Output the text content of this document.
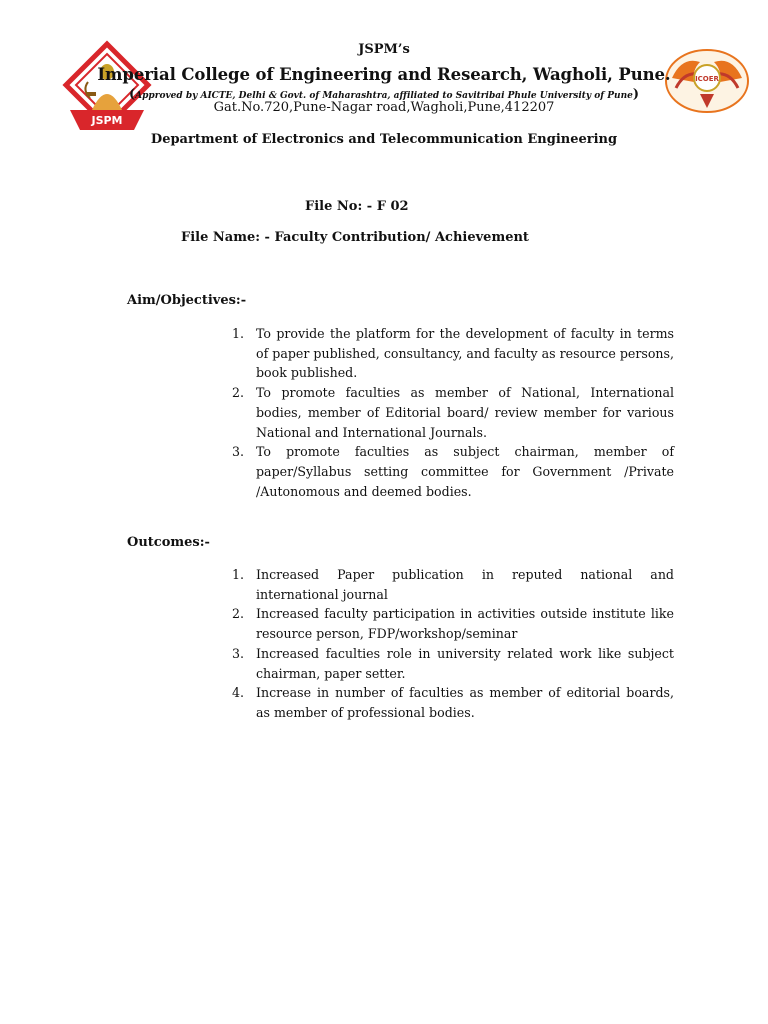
JSPM
ICOER
JSPM’s
Imperial College of Engineering and Research, Wagholi, Pune.
(Approved by AICTE, Delhi & Govt. of Maharashtra, affiliated to Savitribai Phule University of Pune)
Gat.No.720,Pune-Nagar road,Wagholi,Pune,412207
Department of Electronics and Telecommunication Engineering
File No: - F 02
File Name: - Faculty Contribution/ Achievement
Aim/Objectives:-
1. To provide the platform for the development of faculty in terms of paper published, consultancy, and faculty as resource persons, book published.
2. To promote faculties as member of National, International bodies, member of Editorial board/ review member for various National and International Journals.
3. To promote faculties as subject chairman, member of paper/Syllabus setting committee for Government /Private /Autonomous and deemed bodies.
Outcomes:-
1. Increased Paper publication in reputed national and international journal
2. Increased faculty participation in activities outside institute like resource person, FDP/workshop/seminar
3. Increased faculties role in university related work like subject chairman, paper setter.
4. Increase in number of faculties as member of editorial boards, as member of professional bodies.
